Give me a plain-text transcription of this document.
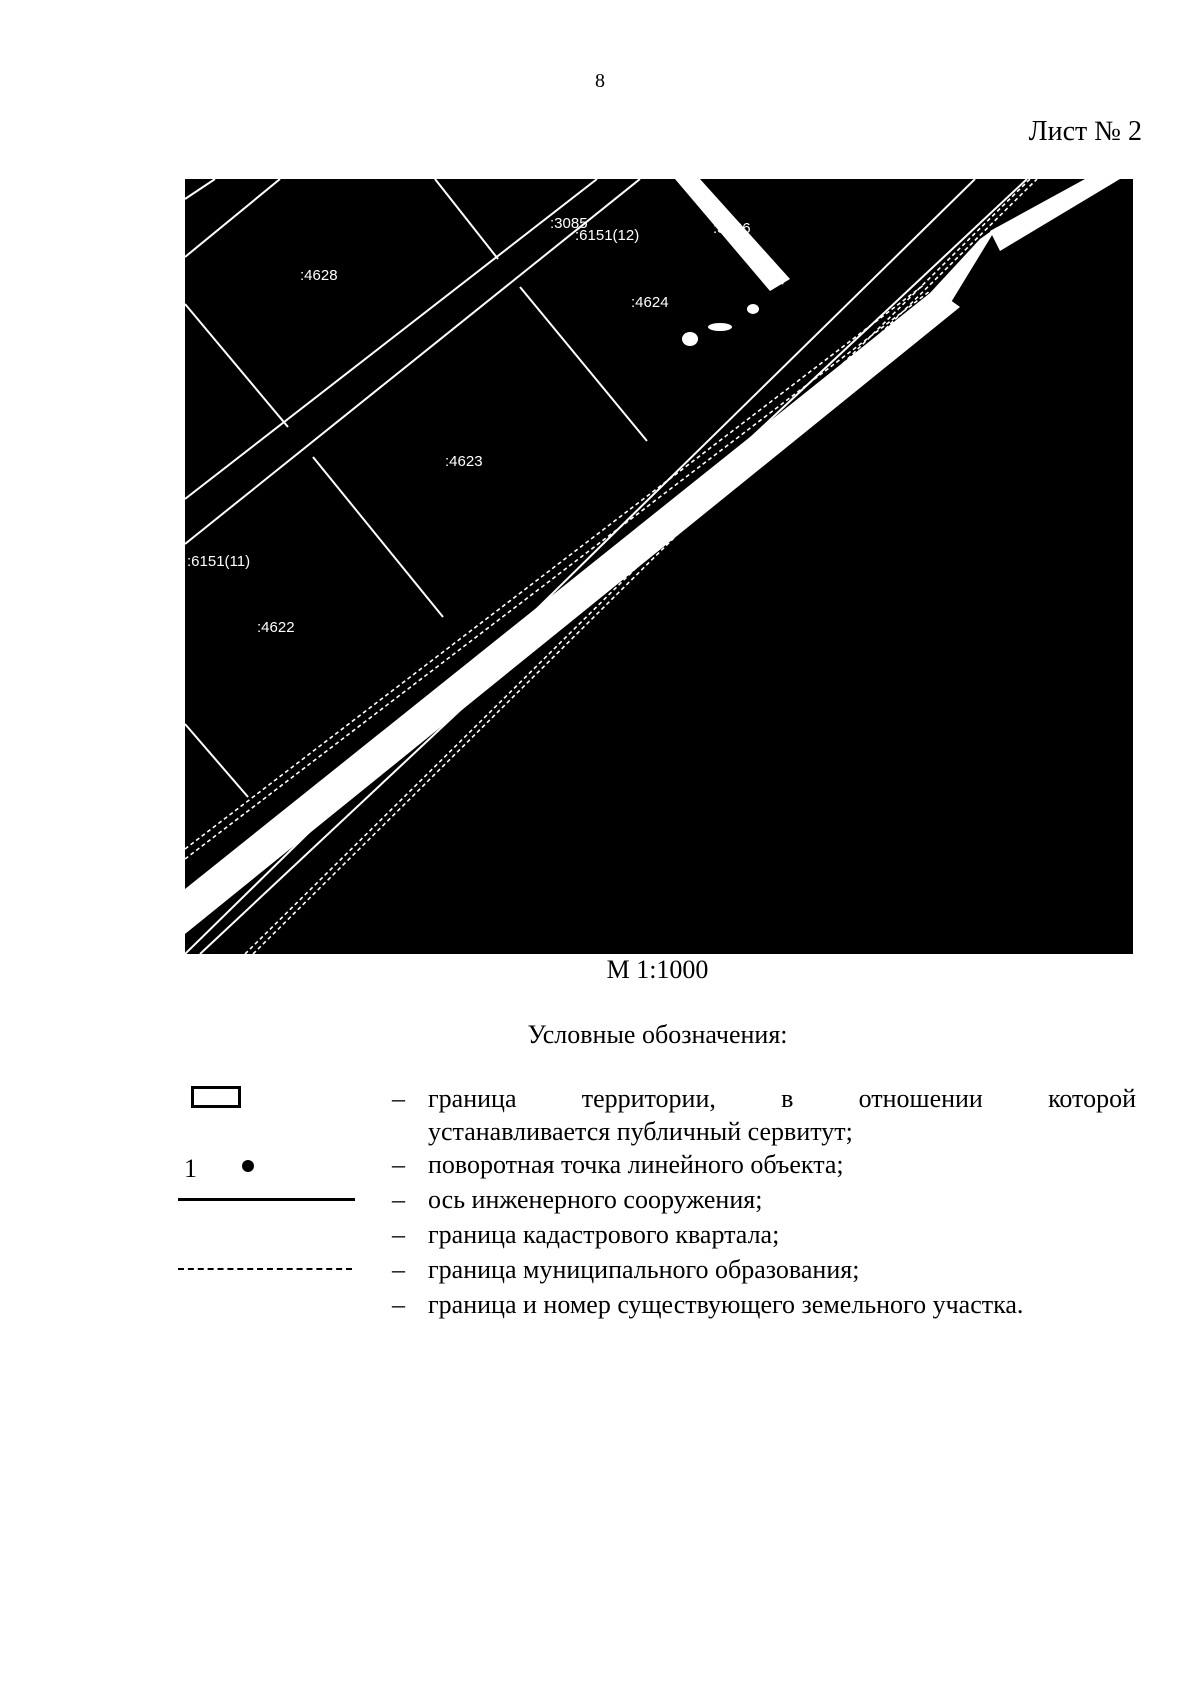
8
Лист № 2
:3085
:6151(12)	:3226
:4628
:4624
:4623
:6151(11)
:4622
М 1:1000
Условные обозначения:
1
– граница	территории,	в	отношении	которой
устанавливается публичный сервитут;
– поворотная точка линейного объекта;
– ось инженерного сооружения;
– граница кадастрового квартала;
– граница муниципального образования;
– граница и номер существующего земельного участка.
